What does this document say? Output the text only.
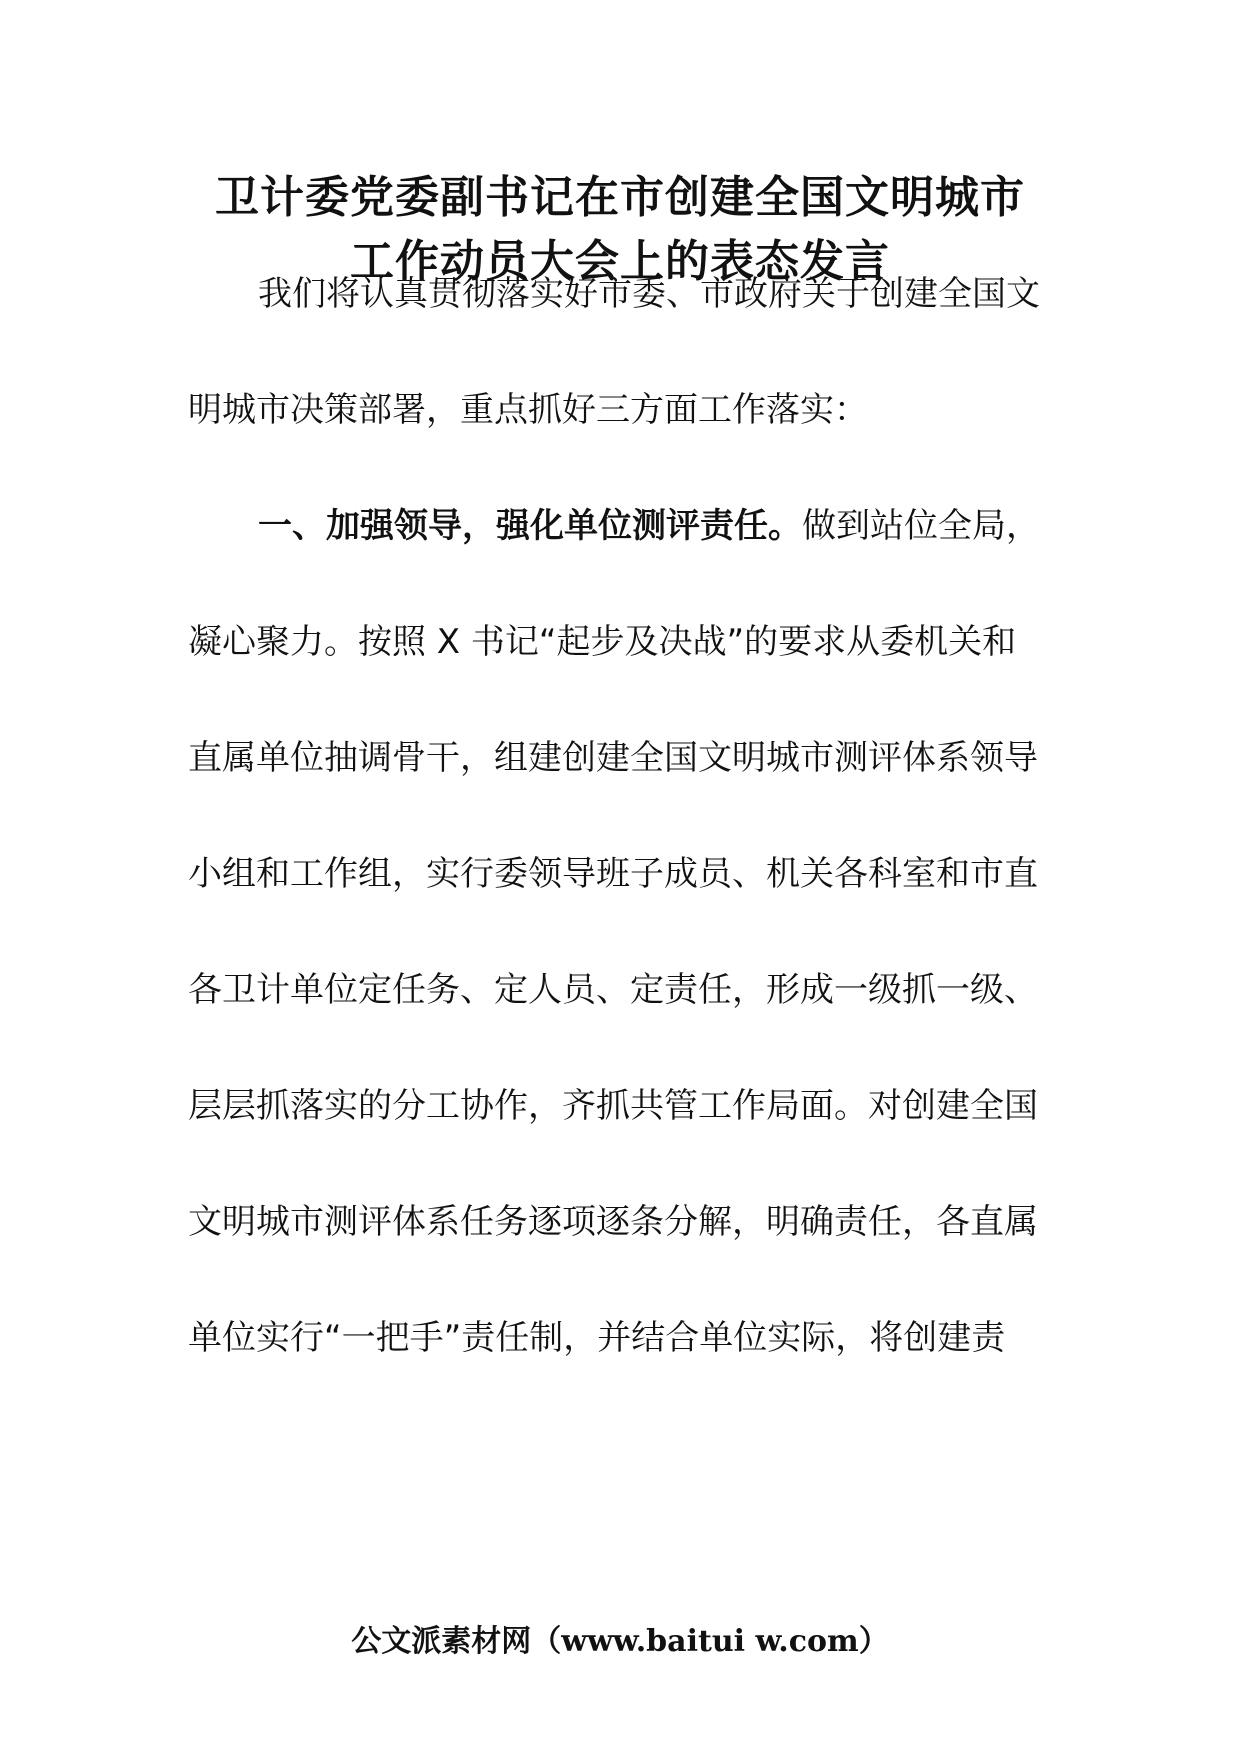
卫计委党委副书记在市创建全国文明城市
工作动员大会上的表态发言

我们将认真贯彻落实好市委、市政府关于创建全国文

明城市决策部署，重点抓好三方面工作落实：

一、加强领导，强化单位测评责任。做到站位全局，

凝心聚力。按照 X 书记“起步及决战”的要求从委机关和

直属单位抽调骨干，组建创建全国文明城市测评体系领导

小组和工作组，实行委领导班子成员、机关各科室和市直

各卫计单位定任务、定人员、定责任，形成一级抓一级、

层层抓落实的分工协作，齐抓共管工作局面。对创建全国

文明城市测评体系任务逐项逐条分解，明确责任，各直属

单位实行“一把手”责任制，并结合单位实际，将创建责

公文派素材网（www.baitui w.com）
